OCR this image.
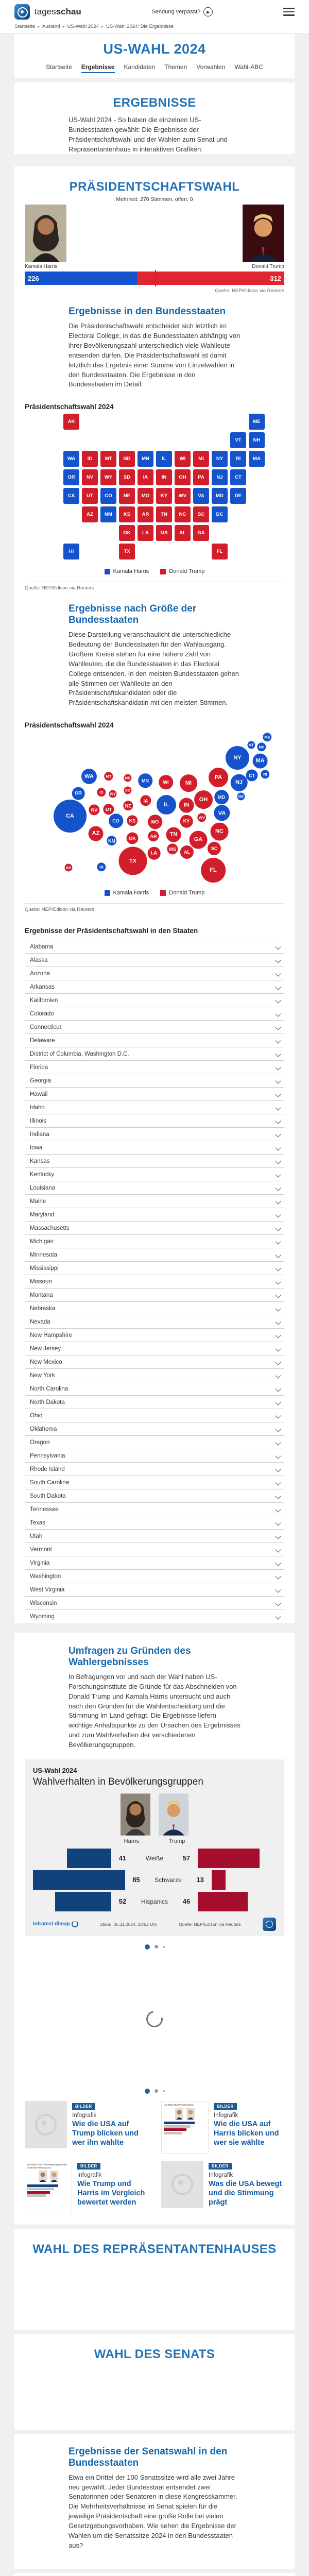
tagesschau	Sendung verpasst?	▶
Startseite ▸ Ausland ▸ US-Wahl 2024 ▸ US-Wahl 2024: Die Ergebnisse
US-WAHL 2024
Startseite Ergebnisse Kandidaten Themen Vorwahlen Wahl-ABC
ERGEBNISSE

US-Wahl 2024 - So haben die einzelnen US-Bundesstaaten gewählt: Die Ergebnisse der Präsidentschaftswahl und der Wahlen zum Senat und Repräsentantenhaus in interaktiven Grafiken.

PRÄSIDENTSCHAFTSWAHL
Mehrheit: 270 Stimmen, offen: 0
Kamala Harris	Donald Trump
226	312
Quelle: NEP/Edison via Reuters
Ergebnisse in den Bundesstaaten

Die Präsidentschaftswahl entscheidet sich letztlich im Electoral College, in das die Bundesstaaten abhängig von ihrer Bevölkerungszahl unterschiedlich viele Wahlleute entsenden dürfen. Die Präsidentschaftswahl ist damit letztlich das Ergebnis einer Summe von Einzelwahlen in den Bundesstaaten. Die Ergebnisse in den Bundesstaaten im Detail.

Präsidentschaftswahl 2024
AL
AK
AZ	AR
CA	CO
CT
DE
DC
FL
GA
HI
ID	IL
IN
IA
KS
KY
LA
ME
MD
MA
MI
MN
MS
MO
MT
NE
NV
NH
NJ
NM
NY
NC
ND
OH
OK
OR	PA
RI
SC
SD
TN
TX
UT
VT
VA
WA
WV
WI
WY
Kamala Harris	Donald Trump
Quelle: NEP/Edison via Reuters
Ergebnisse nach Größe der Bundesstaaten

Diese Darstellung veranschaulicht die unterschiedliche Bedeutung der Bundesstaaten für den Wahlausgang. Größere Kreise stehen für eine höhere Zahl von Wahlleuten, die die Bundesstaaten in das Electoral College entsenden. In den meisten Bundesstaaten gehen alle Stimmen der Wahlleute an den Präsidentschaftskandidaten oder die Präsidentschaftskandidatin mit den meisten Stimmen.

Präsidentschaftswahl 2024
AL
AK
AZ	AR
CA
CO
CT
DE
FL
GA
HI
ID
IL	IN
IA
KS	KY
LA
ME
MD
MA
MI
MN
MS
MO
MT
NE
NV
NH
NJ
NM
NY
NC
ND
OH
OK
OR
PA	RI
SC
SD
TN
TX
UT
VT
VA
WA
WV
WI
WY
Kamala Harris	Donald Trump
Quelle: NEP/Edison via Reuters
Ergebnisse der Präsidentschaftswahl in den Staaten
Alabama
Alaska
Arizona
Arkansas
Kalifornien
Colorado
Connecticut
Delaware
District of Columbia, Washington D.C.
Florida
Georgia
Hawaii
Idaho
Illinois
Indiana
Iowa
Kansas
Kentucky
Louisiana
Maine
Maryland
Massachusetts
Michigan
Minnesota
Mississippi
Missouri
Montana
Nebraska
Nevada
New Hampshire
New Jersey
New Mexico
New York
North Carolina
North Dakota
Ohio
Oklahoma
Oregon
Pennsylvania
Rhode Island
South Carolina
South Dakota
Tennessee
Texas
Utah
Vermont
Virginia
Washington
West Virginia
Wisconsin
Wyoming
Umfragen zu Gründen des Wahlergebnisses

In Befragungen vor und nach der Wahl haben US-Forschungsinstitute die Gründe für das Abschneiden von Donald Trump und Kamala Harris untersucht und auch nach den Gründen für die Wahlentscheidung und die Stimmung im Land gefragt. Die Ergebnisse liefern wichtige Anhaltspunkte zu den Ursachen des Ergebnisses und zum Wahlverhalten der verschiedenen Bevölkerungsgruppen.

US-Wahl 2024
Wahlverhalten in Bevölkerungsgruppen
Harris	Trump
41	Weiße	57
85	Schwarze	13
52	Hispanics	46
infratest dimap	Stand: 06.11.2024, 20:52 Uhr	Quelle: NEP/Edison via Reuters
BILDER
Infografik
Wie die USA auf Trump blicken und wer ihn wählte
US-Wahl 2024 Profilvergleich	BILDER
Infografik
Wie die USA auf Harris blicken und wer sie wählte
US-Wahl 2024 Überwiegend gute oder schlechte Meinung von...	BILDER
Infografik
Wie Trump und Harris im Vergleich bewertet werden
BILDER
Infografik
Was die USA bewegt und die Stimmung prägt
WAHL DES REPRÄSENTANTENHAUSES
WAHL DES SENATS
Ergebnisse der Senatswahl in den Bundesstaaten

Etwa ein Drittel der 100 Senatssitze wird alle zwei Jahre neu gewählt. Jeder Bundesstaat entsendet zwei Senatorinnen oder Senatoren in diese Kongresskammer. Die Mehrheitsverhältnisse im Senat spielen für die jeweilige Präsidentschaft eine große Rolle bei vielen Gesetzgebungsvorhaben. Wie sehen die Ergebnisse der Wahlen um die Senatssitze 2024 in den Bundesstaaten aus?
